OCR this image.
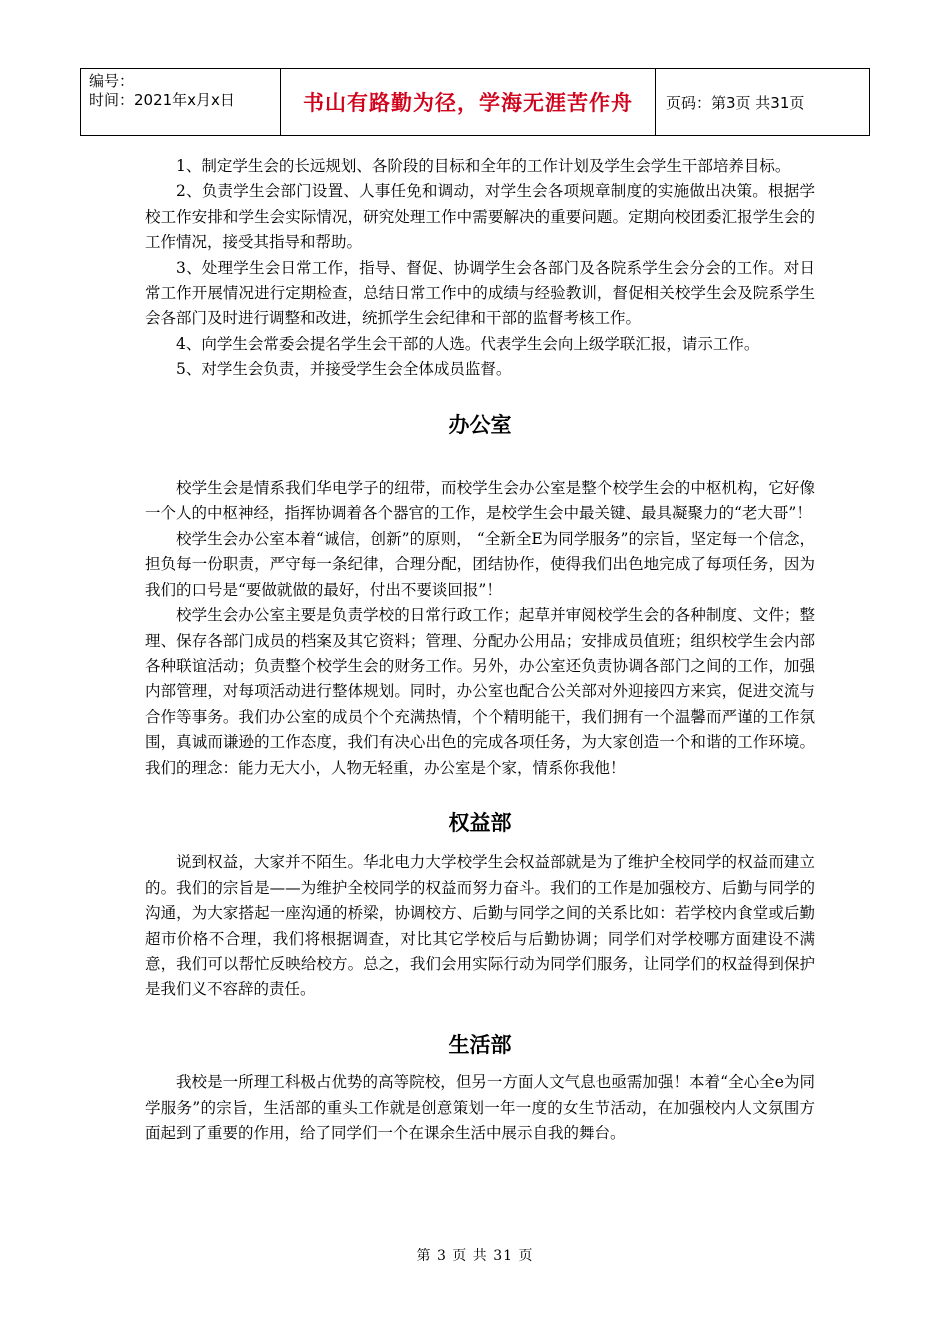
编号：
时间：2021年x月x日	书山有路勤为径，学海无涯苦作舟	页码：第3页 共31页

1、制定学生会的长远规划、各阶段的目标和全年的工作计划及学生会学生干部培养目标。

2、负责学生会部门设置、人事任免和调动，对学生会各项规章制度的实施做出决策。根据学校工作安排和学生会实际情况，研究处理工作中需要解决的重要问题。定期向校团委汇报学生会的工作情况，接受其指导和帮助。

3、处理学生会日常工作，指导、督促、协调学生会各部门及各院系学生会分会的工作。对日常工作开展情况进行定期检查，总结日常工作中的成绩与经验教训，督促相关校学生会及院系学生会各部门及时进行调整和改进，统抓学生会纪律和干部的监督考核工作。

4、向学生会常委会提名学生会干部的人选。代表学生会向上级学联汇报，请示工作。

5、对学生会负责，并接受学生会全体成员监督。

办公室

校学生会是情系我们华电学子的纽带，而校学生会办公室是整个校学生会的中枢机构，它好像一个人的中枢神经，指挥协调着各个器官的工作，是校学生会中最关键、最具凝聚力的“老大哥”！

校学生会办公室本着“诚信，创新”的原则， “全新全E为同学服务”的宗旨，坚定每一个信念，担负每一份职责，严守每一条纪律，合理分配，团结协作，使得我们出色地完成了每项任务，因为我们的口号是“要做就做的最好，付出不要谈回报”！

校学生会办公室主要是负责学校的日常行政工作；起草并审阅校学生会的各种制度、文件；整理、保存各部门成员的档案及其它资料；管理、分配办公用品；安排成员值班；组织校学生会内部各种联谊活动；负责整个校学生会的财务工作。另外，办公室还负责协调各部门之间的工作，加强内部管理，对每项活动进行整体规划。同时，办公室也配合公关部对外迎接四方来宾，促进交流与合作等事务。我们办公室的成员个个充满热情，个个精明能干，我们拥有一个温馨而严谨的工作氛围，真诚而谦逊的工作态度，我们有决心出色的完成各项任务，为大家创造一个和谐的工作环境。我们的理念：能力无大小，人物无轻重，办公室是个家，情系你我他！

权益部

说到权益，大家并不陌生。华北电力大学校学生会权益部就是为了维护全校同学的权益而建立的。我们的宗旨是——为维护全校同学的权益而努力奋斗。我们的工作是加强校方、后勤与同学的沟通，为大家搭起一座沟通的桥梁，协调校方、后勤与同学之间的关系比如：若学校内食堂或后勤超市价格不合理，我们将根据调查，对比其它学校后与后勤协调；同学们对学校哪方面建设不满意，我们可以帮忙反映给校方。总之，我们会用实际行动为同学们服务，让同学们的权益得到保护是我们义不容辞的责任。

生活部

我校是一所理工科极占优势的高等院校，但另一方面人文气息也亟需加强！本着“全心全e为同学服务”的宗旨，生活部的重头工作就是创意策划一年一度的女生节活动，在加强校内人文氛围方面起到了重要的作用，给了同学们一个在课余生活中展示自我的舞台。

第 3 页 共 31 页
